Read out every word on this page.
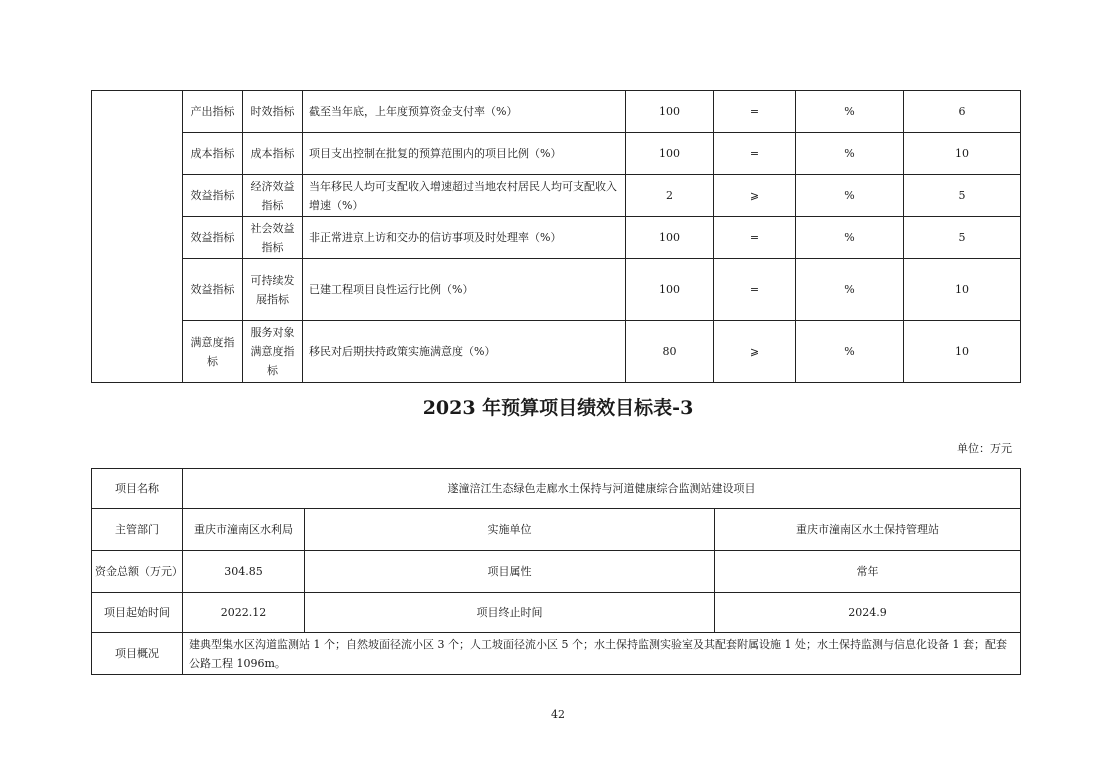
	产出指标	时效指标	截至当年底，上年度预算资金支付率（%）	100	=	%	6
	成本指标	成本指标	项目支出控制在批复的预算范围内的项目比例（%）	100	=	%	10
	效益指标	经济效益指标	当年移民人均可支配收入增速超过当地农村居民人均可支配收入增速（%）	2	⩾	%	5
	效益指标	社会效益指标	非正常进京上访和交办的信访事项及时处理率（%）	100	=	%	5
	效益指标	可持续发展指标	已建工程项目良性运行比例（%）	100	=	%	10
	满意度指标	服务对象满意度指标	移民对后期扶持政策实施满意度（%）	80	⩾	%	10
2023 年预算项目绩效目标表-3
单位：万元
项目名称	遂潼涪江生态绿色走廊水土保持与河道健康综合监测站建设项目		
主管部门	重庆市潼南区水利局	实施单位	重庆市潼南区水土保持管理站
资金总额（万元）	304.85	项目属性	常年
项目起始时间	2022.12	项目终止时间	2024.9
项目概况	建典型集水区沟道监测站 1 个；自然坡面径流小区 3 个；人工坡面径流小区 5 个；水土保持监测实验室及其配套附属设施 1 处；水土保持监测与信息化设备 1 套；配套公路工程 1096m。		
42
